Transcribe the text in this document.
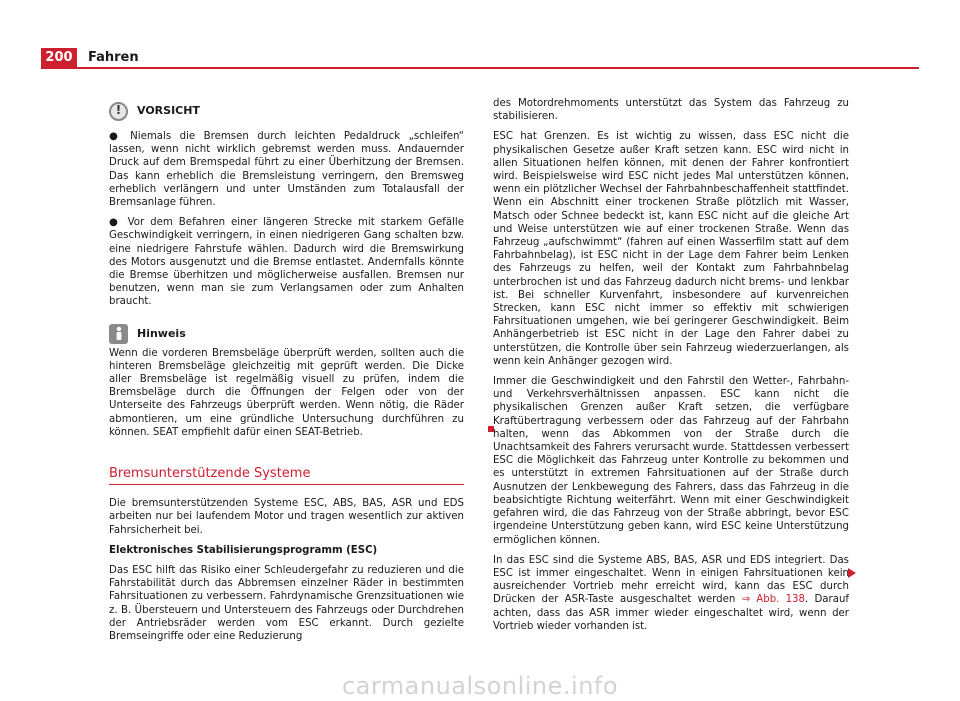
200	Fahren
!	VORSICHT

● Niemals die Bremsen durch leichten Pedaldruck „schleifen“ lassen, wenn nicht wirklich gebremst werden muss. Andauernder Druck auf dem Bremspedal führt zu einer Überhitzung der Bremsen. Das kann erheblich die Bremsleistung verringern, den Bremsweg erheblich verlängern und unter Umständen zum Totalausfall der Bremsanlage führen.

● Vor dem Befahren einer längeren Strecke mit starkem Gefälle Geschwindigkeit verringern, in einen niedrigeren Gang schalten bzw. eine niedrigere Fahrstufe wählen. Dadurch wird die Bremswirkung des Motors ausgenutzt und die Bremse entlastet. Andernfalls könnte die Bremse überhitzen und möglicherweise ausfallen. Bremsen nur benutzen, wenn man sie zum Verlangsamen oder zum Anhalten braucht.

Hinweis

Wenn die vorderen Bremsbeläge überprüft werden, sollten auch die hinteren Bremsbeläge gleichzeitig mit geprüft werden. Die Dicke aller Bremsbeläge ist regelmäßig visuell zu prüfen, indem die Bremsbeläge durch die Öffnungen der Felgen oder von der Unterseite des Fahrzeugs überprüft werden. Wenn nötig, die Räder abmontieren, um eine gründliche Untersuchung durchführen zu können. SEAT empfiehlt dafür einen SEAT-Betrieb.

Bremsunterstützende Systeme

Die bremsunterstützenden Systeme ESC, ABS, BAS, ASR und EDS arbeiten nur bei laufendem Motor und tragen wesentlich zur aktiven Fahrsicherheit bei.

Elektronisches Stabilisierungsprogramm (ESC)

Das ESC hilft das Risiko einer Schleudergefahr zu reduzieren und die Fahrstabilität durch das Abbremsen einzelner Räder in bestimmten Fahrsituationen zu verbessern. Fahrdynamische Grenzsituationen wie z. B. Übersteuern und Untersteuern des Fahrzeugs oder Durchdrehen der Antriebsräder werden vom ESC erkannt. Durch gezielte Bremseingriffe oder eine Reduzierung

des Motordrehmoments unterstützt das System das Fahrzeug zu stabilisieren.

ESC hat Grenzen. Es ist wichtig zu wissen, dass ESC nicht die physikalischen Gesetze außer Kraft setzen kann. ESC wird nicht in allen Situationen helfen können, mit denen der Fahrer konfrontiert wird. Beispielsweise wird ESC nicht jedes Mal unterstützen können, wenn ein plötzlicher Wechsel der Fahrbahnbeschaffenheit stattfindet. Wenn ein Abschnitt einer trockenen Straße plötzlich mit Wasser, Matsch oder Schnee bedeckt ist, kann ESC nicht auf die gleiche Art und Weise unterstützen wie auf einer trockenen Straße. Wenn das Fahrzeug „aufschwimmt“ (fahren auf einen Wasserfilm statt auf dem Fahrbahnbelag), ist ESC nicht in der Lage dem Fahrer beim Lenken des Fahrzeugs zu helfen, weil der Kontakt zum Fahrbahnbelag unterbrochen ist und das Fahrzeug dadurch nicht brems- und lenkbar ist. Bei schneller Kurvenfahrt, insbesondere auf kurvenreichen Strecken, kann ESC nicht immer so effektiv mit schwierigen Fahrsituationen umgehen, wie bei geringerer Geschwindigkeit. Beim Anhängerbetrieb ist ESC nicht in der Lage den Fahrer dabei zu unterstützen, die Kontrolle über sein Fahrzeug wiederzuerlangen, als wenn kein Anhänger gezogen wird.

Immer die Geschwindigkeit und den Fahrstil den Wetter-, Fahrbahn- und Verkehrsverhältnissen anpassen. ESC kann nicht die physikalischen Grenzen außer Kraft setzen, die verfügbare Kraftübertragung verbessern oder das Fahrzeug auf der Fahrbahn halten, wenn das Abkommen von der Straße durch die Unachtsamkeit des Fahrers verursacht wurde. Stattdessen verbessert ESC die Möglichkeit das Fahrzeug unter Kontrolle zu bekommen und es unterstützt in extremen Fahrsituationen auf der Straße durch Ausnutzen der Lenkbewegung des Fahrers, dass das Fahrzeug in die beabsichtigte Richtung weiterfährt. Wenn mit einer Geschwindigkeit gefahren wird, die das Fahrzeug von der Straße abbringt, bevor ESC irgendeine Unterstützung geben kann, wird ESC keine Unterstützung ermöglichen können.

In das ESC sind die Systeme ABS, BAS, ASR und EDS integriert. Das ESC ist immer eingeschaltet. Wenn in einigen Fahrsituationen kein ausreichender Vortrieb mehr erreicht wird, kann das ESC durch Drücken der ASR-Taste ausgeschaltet werden ⇒ Abb. 138. Darauf achten, dass das ASR immer wieder eingeschaltet wird, wenn der Vortrieb wieder vorhanden ist.

carmanualsonline.info
